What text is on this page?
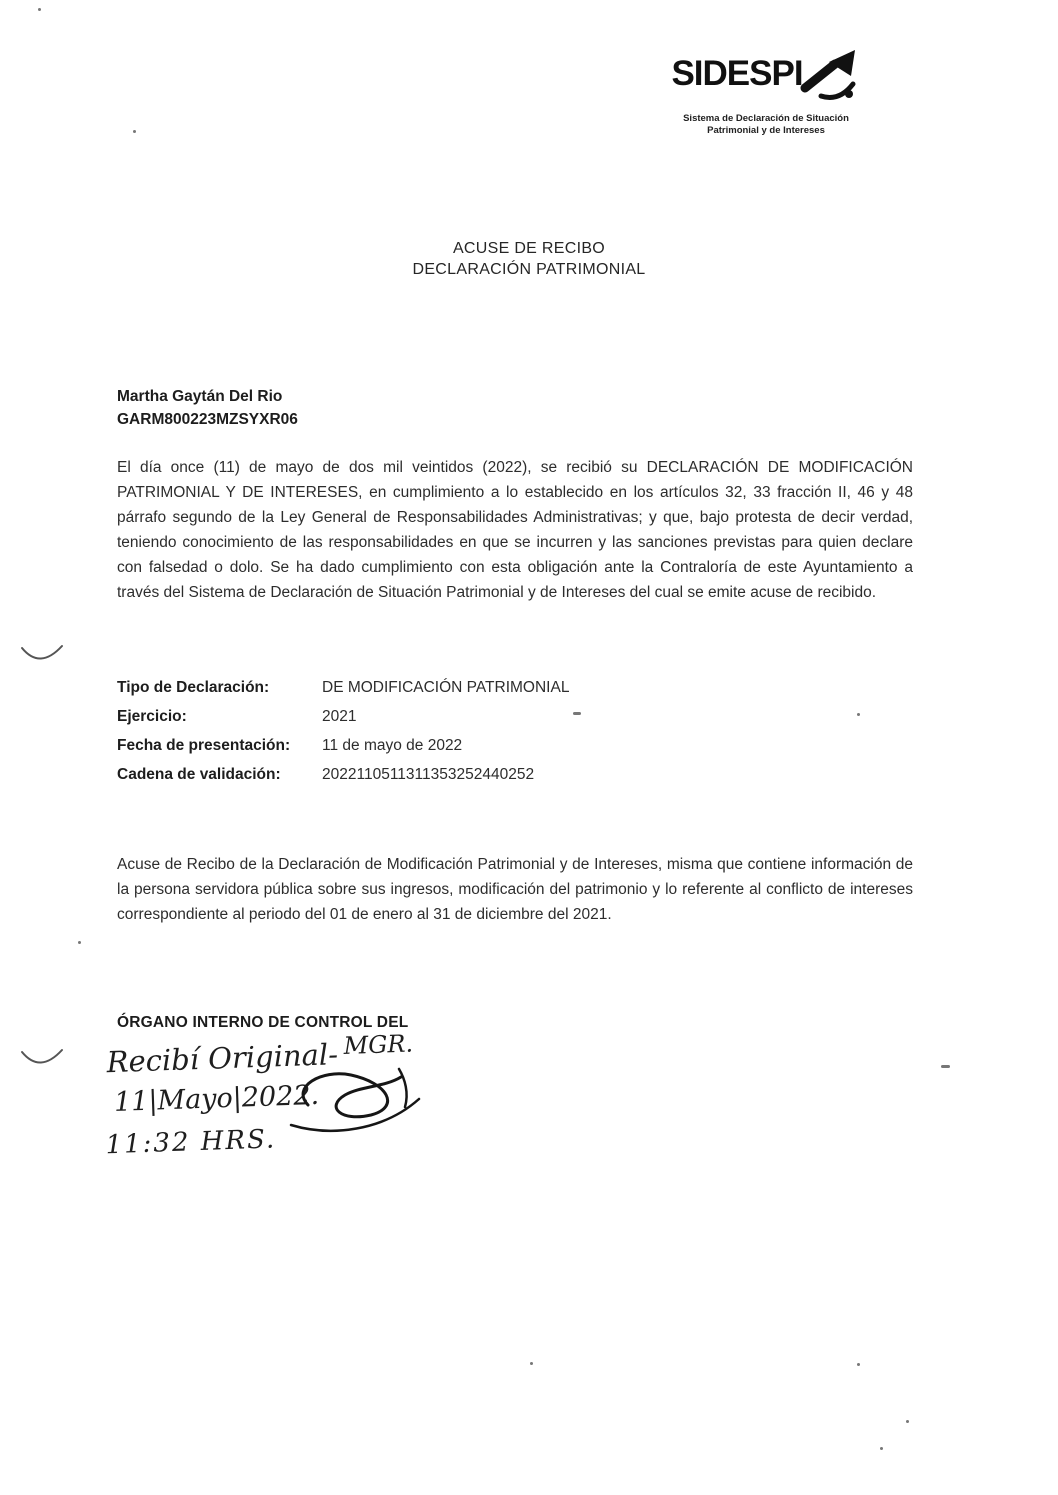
SIDESPI
Sistema de Declaración de Situación
Patrimonial y de Intereses
ACUSE DE RECIBO
DECLARACIÓN PATRIMONIAL
Martha Gaytán Del Rio
GARM800223MZSYXR06
El día once (11) de mayo de dos mil veintidos (2022), se recibió su DECLARACIÓN DE MODIFICACIÓN PATRIMONIAL Y DE INTERESES, en cumplimiento a lo establecido en los artículos 32, 33 fracción II, 46 y 48 párrafo segundo de la Ley General de Responsabilidades Administrativas; y que, bajo protesta de decir verdad, teniendo conocimiento de las responsabilidades en que se incurren y las sanciones previstas para quien declare con falsedad o dolo. Se ha dado cumplimiento con esta obligación ante la Contraloría de este Ayuntamiento a través del Sistema de Declaración de Situación Patrimonial y de Intereses del cual se emite acuse de recibido.
Tipo de Declaración:	DE MODIFICACIÓN PATRIMONIAL
Ejercicio:	2021
Fecha de presentación:	11 de mayo de 2022
Cadena de validación:	2022110511311353252440252
Acuse de Recibo de la Declaración de Modificación Patrimonial y de Intereses, misma que contiene información de la persona servidora pública sobre sus ingresos, modificación del patrimonio y lo referente al conflicto de intereses correspondiente al periodo del 01 de enero al 31 de diciembre del 2021.
ÓRGANO INTERNO DE CONTROL DEL
Recibí Original- $^{MGR.}$
11|Mayo|2022.
11:32 HRS.
